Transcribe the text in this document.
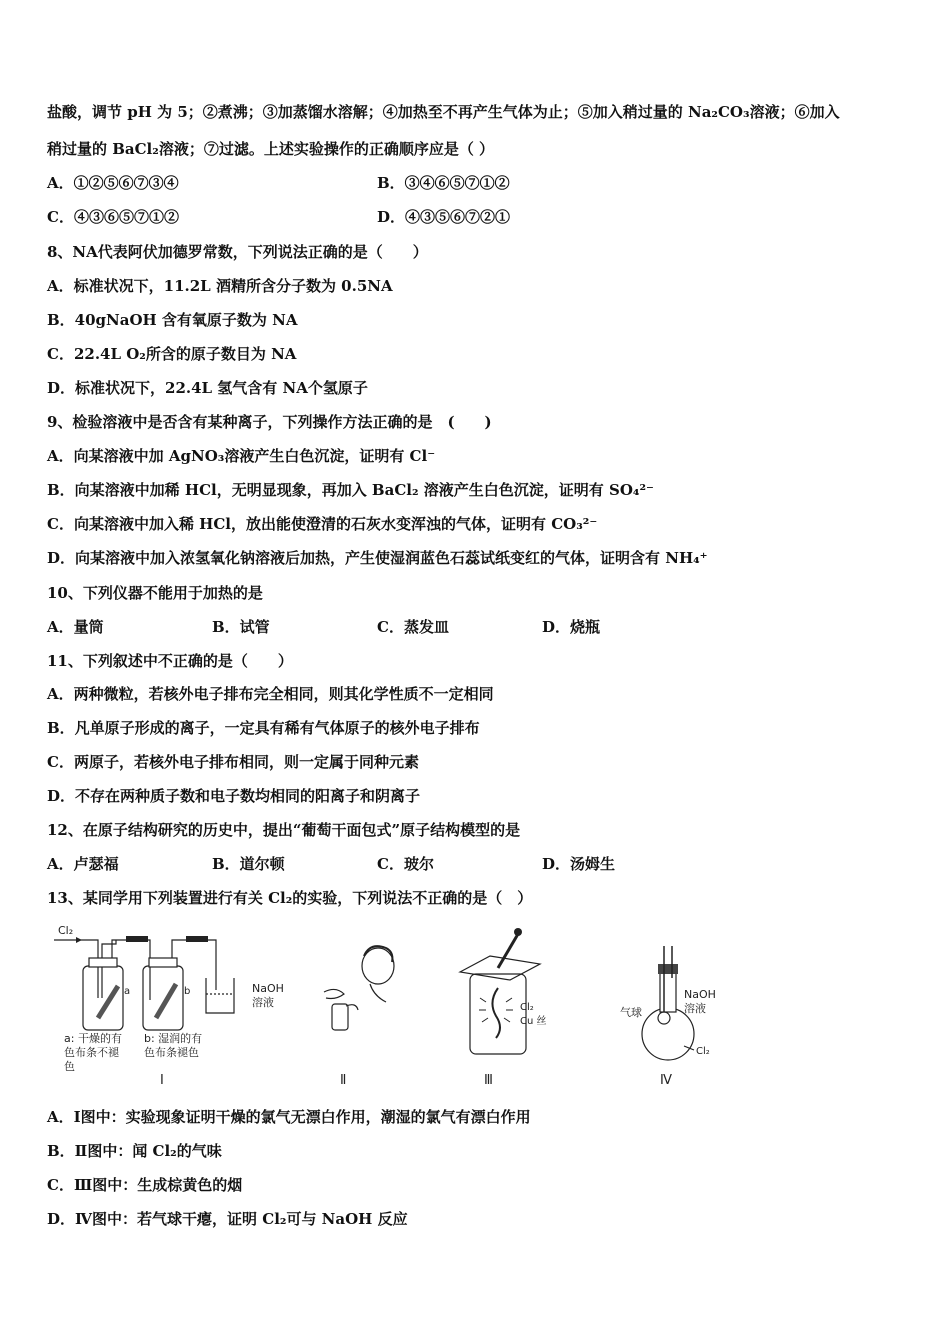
盐酸，调节 pH 为 5；②煮沸；③加蒸馏水溶解；④加热至不再产生气体为止；⑤加入稍过量的 Na₂CO₃溶液；⑥加入
稍过量的 BaCl₂溶液；⑦过滤。上述实验操作的正确顺序应是（ ）
A．①②⑤⑥⑦③④	B．③④⑥⑤⑦①②
C．④③⑥⑤⑦①②	D．④③⑤⑥⑦②①
8、NA代表阿伏加德罗常数，下列说法正确的是（　　）
A．标准状况下，11.2L 酒精所含分子数为 0.5NA
B．40gNaOH 含有氧原子数为 NA
C．22.4L O₂所含的原子数目为 NA
D．标准状况下，22.4L 氢气含有 NA个氢原子
9、检验溶液中是否含有某种离子，下列操作方法正确的是　(　　)
A．向某溶液中加 AgNO₃溶液产生白色沉淀，证明有 Cl⁻
B．向某溶液中加稀 HCl，无明显现象，再加入 BaCl₂ 溶液产生白色沉淀，证明有 SO₄²⁻
C．向某溶液中加入稀 HCl，放出能使澄清的石灰水变浑浊的气体，证明有 CO₃²⁻
D．向某溶液中加入浓氢氧化钠溶液后加热，产生使湿润蓝色石蕊试纸变红的气体，证明含有 NH₄⁺
10、下列仪器不能用于加热的是
A．量筒	B．试管	C．蒸发皿	D．烧瓶
11、下列叙述中不正确的是（　　）
A．两种微粒，若核外电子排布完全相同，则其化学性质不一定相同
B．凡单原子形成的离子，一定具有稀有气体原子的核外电子排布
C．两原子，若核外电子排布相同，则一定属于同种元素
D．不存在两种质子数和电子数均相同的阳离子和阴离子
12、在原子结构研究的历史中，提出“葡萄干面包式”原子结构模型的是
A．卢瑟福	B．道尔顿	C．玻尔	D．汤姆生
13、某同学用下列装置进行有关 Cl₂的实验，下列说法不正确的是（　）
Cl₂
a	b	NaOH
溶液
a: 干燥的有
色布条不褪
色
b: 湿润的有
色布条褪色
Ⅰ	Ⅱ
Cl₂
Cu 丝
Ⅲ
气球
NaOH
溶液
Cl₂
Ⅳ
A．Ⅰ图中：实验现象证明干燥的氯气无漂白作用，潮湿的氯气有漂白作用
B．Ⅱ图中：闻 Cl₂的气味
C．Ⅲ图中：生成棕黄色的烟
D．Ⅳ图中：若气球干瘪，证明 Cl₂可与 NaOH 反应
